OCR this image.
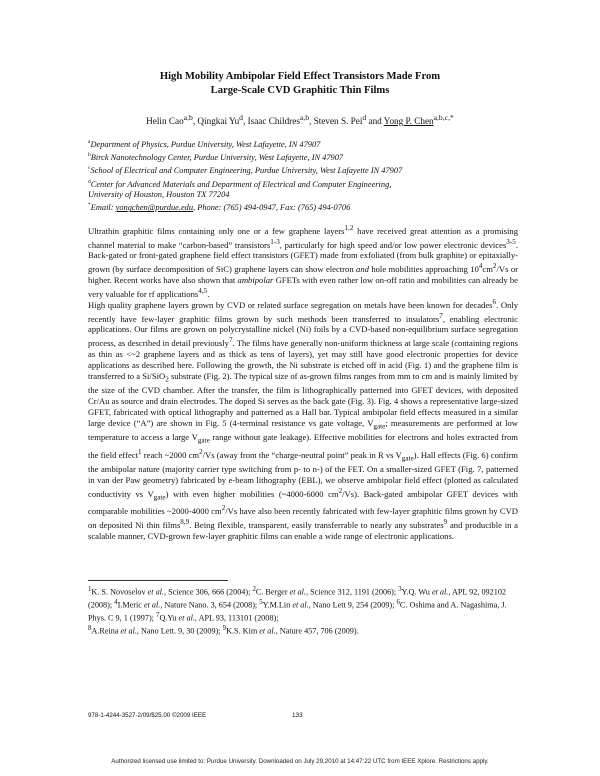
High Mobility Ambipolar Field Effect Transistors Made From
Large-Scale CVD Graphitic Thin Films
Helin Cao$^{a,b}$, Qingkai Yu$^d$, Isaac Childres$^{a,b}$, Steven S. Pei$^d$ and Yong P. Chen$^{a,b,c,*}$
$^a$Department of Physics, Purdue University, West Lafayette, IN 47907
$^b$Birck Nanotechnology Center, Purdue University, West Lafayette, IN 47907
$^c$School of Electrical and Computer Engineering, Purdue University, West Lafayette IN 47907
$^d$Center for Advanced Materials and Department of Electrical and Computer Engineering,
University of Houston, Houston TX 77204
*Email: yongchen@purdue.edu, Phone: (765) 494-0947, Fax: (765) 494-0706
Ultrathin graphitic films containing only one or a few graphene layers$^{1,2}$ have received great attention as a promising channel material to make “carbon-based” transistors$^{1-3}$, particularly for high speed and/or low power electronic devices$^{3-5}$. Back-gated or front-gated graphene field effect transistors (GFET) made from exfoliated (from bulk graphite) or epitaxially-grown (by surface decomposition of SiC) graphene layers can show electron and hole mobilities approaching $10^4cm^2/Vs$ or higher. Recent works have also shown that ambipolar GFETs with even rather low on-off ratio and mobilities can already be very valuable for rf applications$^{4,5}$.
High quality graphene layers grown by CVD or related surface segregation on metals have been known for decades$^6$. Only recently have few-layer graphitic films grown by such methods been transferred to insulators$^7$, enabling electronic applications. Our films are grown on polycrystalline nickel (Ni) foils by a CVD-based non-equilibrium surface segregation process, as described in detail previously$^7$. The films have generally non-uniform thickness at large scale (containing regions as thin as <~2 graphene layers and as thick as tens of layers), yet may still have good electronic properties for device applications as described here. Following the growth, the Ni substrate is etched off in acid (Fig. 1) and the graphene film is transferred to a Si/SiO$_2$ substrate (Fig. 2). The typical size of as-grown films ranges from mm to cm and is mainly limited by the size of the CVD chamber. After the transfer, the film is lithographically patterned into GFET devices, with deposited Cr/Au as source and drain electrodes. The doped Si serves as the back gate (Fig. 3). Fig. 4 shows a representative large-sized GFET, fabricated with optical lithography and patterned as a Hall bar. Typical ambipolar field effects measured in a similar large device (“A”) are shown in Fig. 5 (4-terminal resistance vs gate voltage, $V_{gate}$; measurements are performed at low temperature to access a large $V_{gate}$ range without gate leakage). Effective mobilities for electrons and holes extracted from the field effect$^1$ reach ~2000 $cm^2/Vs$ (away from the “charge-neutral point” peak in R vs $V_{gate}$). Hall effects (Fig. 6) confirm the ambipolar nature (majority carrier type switching from p- to n-) of the FET. On a smaller-sized GFET (Fig. 7, patterned in van der Paw geometry) fabricated by e-beam lithography (EBL), we observe ambipolar field effect (plotted as calculated conductivity vs $V_{gate}$) with even higher mobilities (~4000-6000 $cm^2/Vs$). Back-gated ambipolar GFET devices with comparable mobilities ~2000-4000 $cm^2/Vs$ have also been recently fabricated with few-layer graphitic films grown by CVD on deposited Ni thin films$^{8,9}$. Being flexible, transparent, easily transferrable to nearly any substrates$^9$ and producible in a scalable manner, CVD-grown few-layer graphitic films can enable a wide range of electronic applications.
$^1$K. S. Novoselov et al., Science 306, 666 (2004); $^2$C. Berger et al., Science 312, 1191 (2006); $^3$Y.Q. Wu et al., APL 92, 092102 (2008); $^4$I.Meric et al., Nature Nano. 3, 654 (2008); $^5$Y.M.Lin et al., Nano Lett 9, 254 (2009); $^6$C. Oshima and A. Nagashima, J. Phys. C 9, 1 (1997); $^7$Q.Yu et al., APL 93, 113101 (2008);
$^8$A.Reina et al., Nano Lett. 9, 30 (2009); $^9$K.S. Kim et al., Nature 457, 706 (2009).
978-1-4244-3527-2/09/$25.00 ©2009 IEEE	133
Authorized licensed use limited to: Purdue University. Downloaded on July 29,2010 at 14:47:22 UTC from IEEE Xplore. Restrictions apply.
